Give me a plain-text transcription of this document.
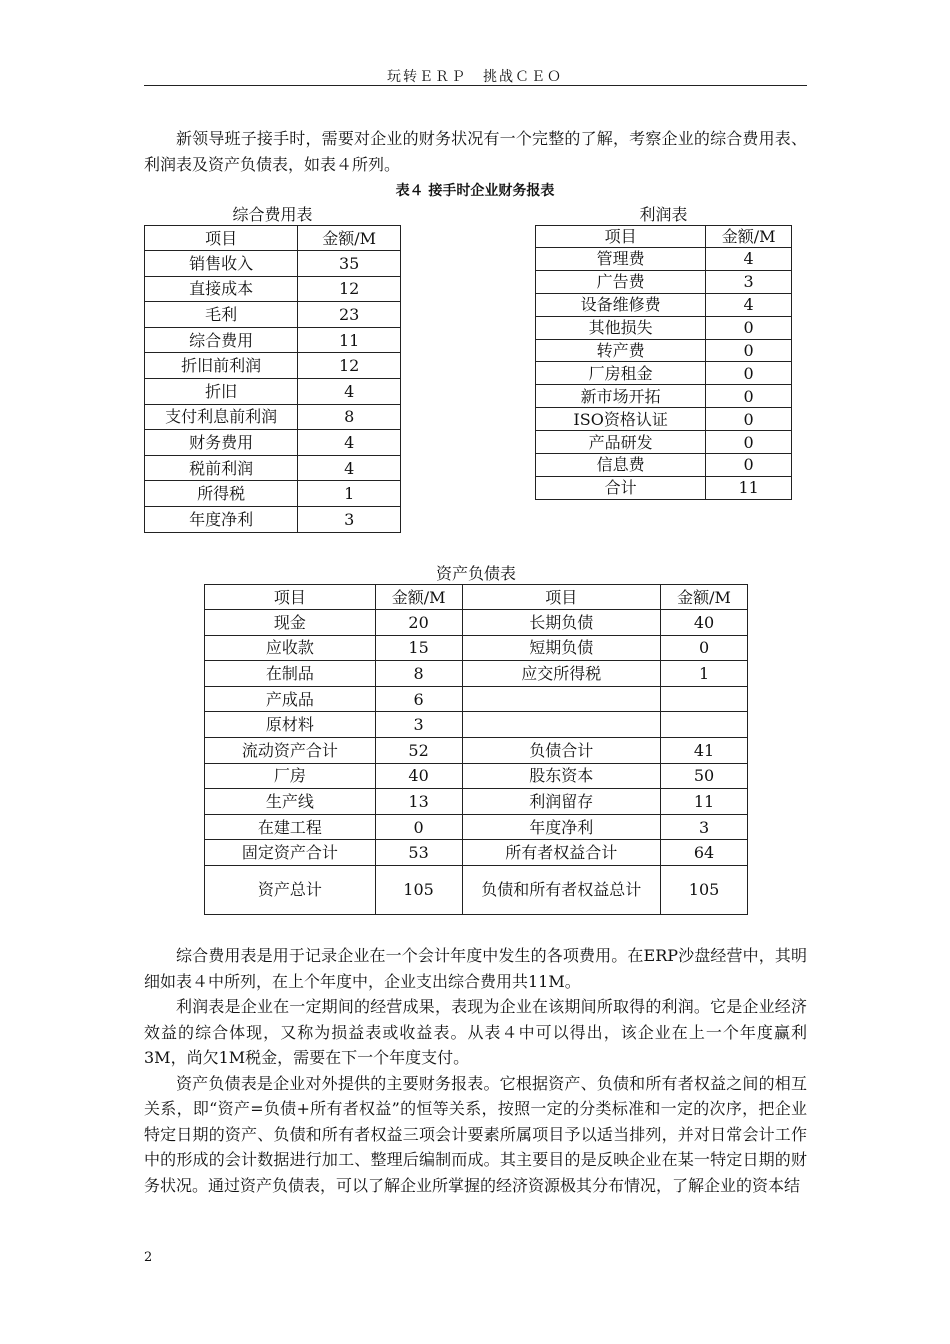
玩转ＥＲＰ　挑战ＣＥＯ

新领导班子接手时，需要对企业的财务状况有一个完整的了解，考察企业的综合费用表、利润表及资产负债表，如表４所列。

表４ 接手时企业财务报表
综合费用表
项目	金额/M
销售收入	35
直接成本	12
毛利	23
综合费用	11
折旧前利润	12
折旧	4
支付利息前利润	8
财务费用	4
税前利润	4
所得税	1
年度净利	3
利润表
项目	金额/M
管理费	4
广告费	3
设备维修费	4
其他损失	0
转产费	0
厂房租金	0
新市场开拓	0
ISO资格认证	0
产品研发	0
信息费	0
合计	11
资产负债表
项目	金额/M	项目	金额/M
现金	20	长期负债	40
应收款	15	短期负债	0
在制品	8	应交所得税	1
产成品	6		
原材料	3		
流动资产合计	52	负债合计	41
厂房	40	股东资本	50
生产线	13	利润留存	11
在建工程	0	年度净利	3
固定资产合计	53	所有者权益合计	64
资产总计	105	负债和所有者权益总计	105

综合费用表是用于记录企业在一个会计年度中发生的各项费用。在ERP沙盘经营中，其明细如表４中所列，在上个年度中，企业支出综合费用共11M。

利润表是企业在一定期间的经营成果，表现为企业在该期间所取得的利润。它是企业经济效益的综合体现，又称为损益表或收益表。从表４中可以得出，该企业在上一个年度赢利3M，尚欠1M税金，需要在下一个年度支付。

资产负债表是企业对外提供的主要财务报表。它根据资产、负债和所有者权益之间的相互关系，即“资产=负债+所有者权益”的恒等关系，按照一定的分类标准和一定的次序，把企业特定日期的资产、负债和所有者权益三项会计要素所属项目予以适当排列，并对日常会计工作中的形成的会计数据进行加工、整理后编制而成。其主要目的是反映企业在某一特定日期的财务状况。通过资产负债表，可以了解企业所掌握的经济资源极其分布情况，了解企业的资本结

2
